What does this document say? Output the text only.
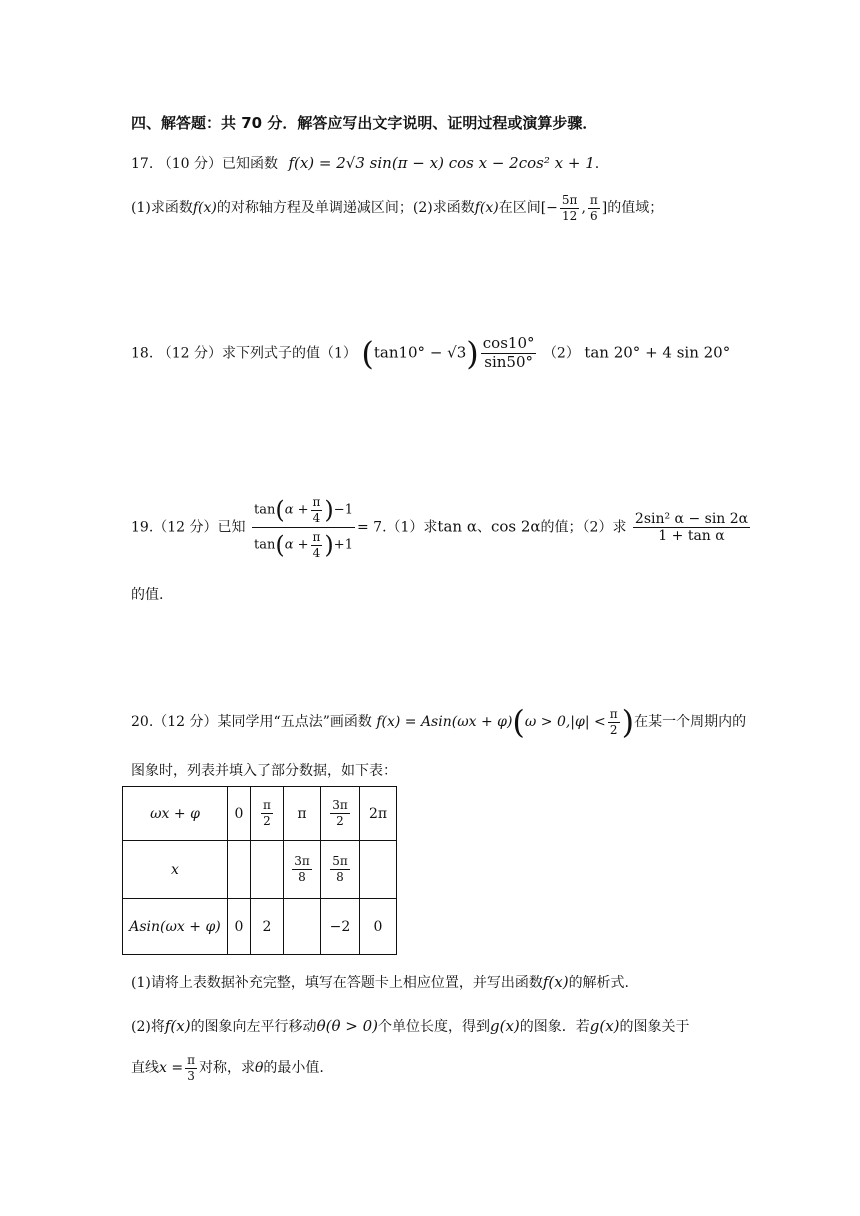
四、解答题：共 70 分．解答应写出文字说明、证明过程或演算步骤．
17. （10 分）已知函数 f(x) = 2√3 sin(π − x) cos x − 2cos² x + 1.
(1)求函数f(x)的对称轴方程及单调递减区间；(2)求函数f(x)在区间[− $\frac{5\pi}{12}$ , $\frac{\pi}{6}$ ]的值域；
18. （12 分）求下列式子的值（1） $(\tan 10^\circ - √3) \frac{\cos 10^\circ}{\sin 50^\circ} (2)$ tan 20° + 4 sin 20°
19.（12 分）已知 $\frac{\tan(\alpha + \frac{\pi}{4} )-1}{\tan(\alpha + \frac{\pi}{4} )+1} = 7.(1)$求tan α、cos 2α的值；（2）求 $\frac{\text{2sin² α − sin 2α}}{\text{1 + tan α}}$
的值.
20.（12 分）某同学用“五点法”画函数 $f(x) = Asin(\omega x + \varphi)(\omega > 0,|\varphi| < \frac{\pi}{2}$ )在某一个周期内的
图象时，列表并填入了部分数据，如下表：
ωx + φ	0	$\frac{\pi}{2}$	π	$\frac{3\pi}{2}$	2π
x			$\frac{3\pi}{8}$	$\frac{5\pi}{8}$

Asin(ωx + φ)	0	2		−2	0
(1)请将上表数据补充完整，填写在答题卡上相应位置，并写出函数f(x)的解析式.
(2)将f(x)的图象向左平行移动θ(θ > 0)个单位长度，得到g(x)的图象．若g(x)的图象关于
直线$x = \frac{\pi}{3}$ 对称，求θ的最小值.
